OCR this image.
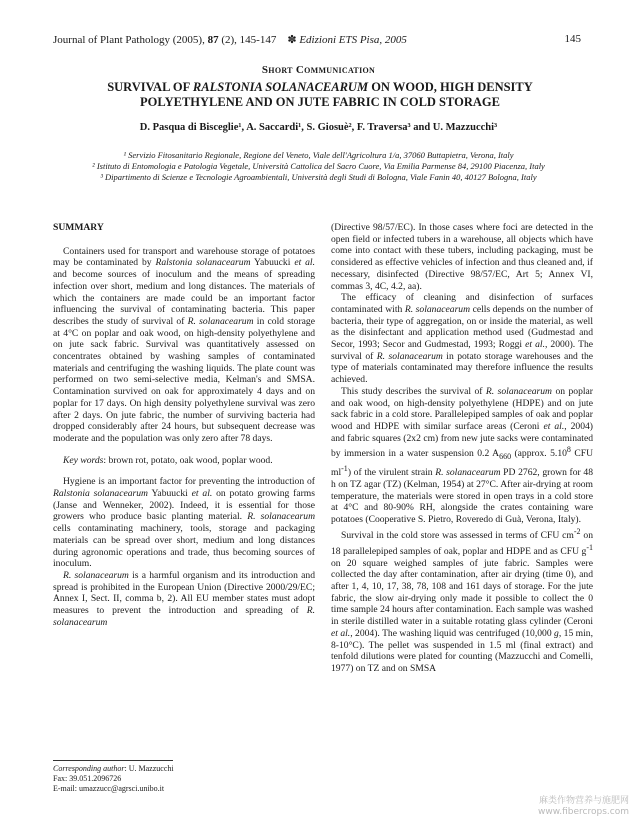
Journal of Plant Pathology (2005), 87 (2), 145-147 ✽ Edizioni ETS Pisa, 2005	145
Short Communication
SURVIVAL OF RALSTONIA SOLANACEARUM ON WOOD, HIGH DENSITY POLYETHYLENE AND ON JUTE FABRIC IN COLD STORAGE
D. Pasqua di Bisceglie¹, A. Saccardi¹, S. Giosuè², F. Traversa³ and U. Mazzucchi³
¹ Servizio Fitosanitario Regionale, Regione del Veneto, Viale dell'Agricoltura 1/a, 37060 Buttapietra, Verona, Italy
² Istituto di Entomologia e Patologia Vegetale, Università Cattolica del Sacro Cuore, Via Emilia Parmense 84, 29100 Piacenza, Italy
³ Dipartimento di Scienze e Tecnologie Agroambientali, Università degli Studi di Bologna, Viale Fanin 40, 40127 Bologna, Italy
SUMMARY

Containers used for transport and warehouse storage of potatoes may be contaminated by Ralstonia solanacearum Yabuucki et al. and become sources of inoculum and the means of spreading infection over short, medium and long distances. The materials of which the containers are made could be an important factor influencing the survival of contaminating bacteria. This paper describes the study of survival of R. solanacearum in cold storage at 4°C on poplar and oak wood, on high-density polyethylene and on jute sack fabric. Survival was quantitatively assessed on concentrates obtained by washing samples of contaminated materials and centrifuging the washing liquids. The plate count was performed on two semi-selective media, Kelman's and SMSA. Contamination survived on oak for approximately 4 days and on poplar for 17 days. On high density polyethylene survival was zero after 2 days. On jute fabric, the number of surviving bacteria had dropped considerably after 24 hours, but subsequent decrease was moderate and the population was only zero after 78 days.

Key words: brown rot, potato, oak wood, poplar wood.

Hygiene is an important factor for preventing the introduction of Ralstonia solanacearum Yabuucki et al. on potato growing farms (Janse and Wenneker, 2002). Indeed, it is essential for those growers who produce basic planting material. R. solanacearum cells contaminating machinery, tools, storage and packaging materials can be spread over short, medium and long distances during agronomic operations and trade, thus becoming sources of inoculum.

R. solanacearum is a harmful organism and its introduction and spread is prohibited in the European Union (Directive 2000/29/EC; Annex I, Sect. II, comma b, 2). All EU member states must adopt measures to prevent the introduction and spreading of R. solanacearum

(Directive 98/57/EC). In those cases where foci are detected in the open field or infected tubers in a warehouse, all objects which have come into contact with these tubers, including packaging, must be considered as effective vehicles of infection and thus cleaned and, if necessary, disinfected (Directive 98/57/EC, Art 5; Annex VI, commas 3, 4C, 4.2, aa).

The efficacy of cleaning and disinfection of surfaces contaminated with R. solanacearum cells depends on the number of bacteria, their type of aggregation, on or inside the material, as well as the disinfectant and application method used (Gudmestad and Secor, 1993; Secor and Gudmestad, 1993; Roggi et al., 2000). The survival of R. solanacearum in potato storage warehouses and the type of materials contaminated may therefore influence the results achieved.

This study describes the survival of R. solanacearum on poplar and oak wood, on high-density polyethylene (HDPE) and on jute sack fabric in a cold store. Parallelepiped samples of oak and poplar wood and HDPE with similar surface areas (Ceroni et al., 2004) and fabric squares (2x2 cm) from new jute sacks were contaminated by immersion in a water suspension 0.2 $A_{660}$ (approx. 5.10$^8$ CFU $ml^{-1}$) of the virulent strain R. solanacearum PD 2762, grown for 48 h on TZ agar (TZ) (Kelman, 1954) at 27°C. After air-drying at room temperature, the materials were stored in open trays in a cold store at 4°C and 80-90% RH, alongside the crates containing ware potatoes (Cooperative S. Pietro, Roveredo di Guà, Verona, Italy).

Survival in the cold store was assessed in terms of CFU $cm^{-2}$ on 18 parallelepiped samples of oak, poplar and HDPE and as CFU $g^{-1}$ on 20 square weighed samples of jute fabric. Samples were collected the day after contamination, after air drying (time 0), and after 1, 4, 10, 17, 38, 78, 108 and 161 days of storage. For the jute fabric, the slow air-drying only made it possible to collect the 0 time sample 24 hours after contamination. Each sample was washed in sterile distilled water in a suitable rotating glass cylinder (Ceroni et al., 2004). The washing liquid was centrifuged (10,000 g, 15 min, 8-10°C). The pellet was suspended in 1.5 ml (final extract) and tenfold dilutions were plated for counting (Mazzucchi and Comelli, 1977) on TZ and on SMSA

Corresponding author: U. Mazzucchi
Fax: 39.051.2096726
E-mail: umazzucc@agrsci.unibo.it
麻类作物营养与施肥网
www.fibercrops.com
